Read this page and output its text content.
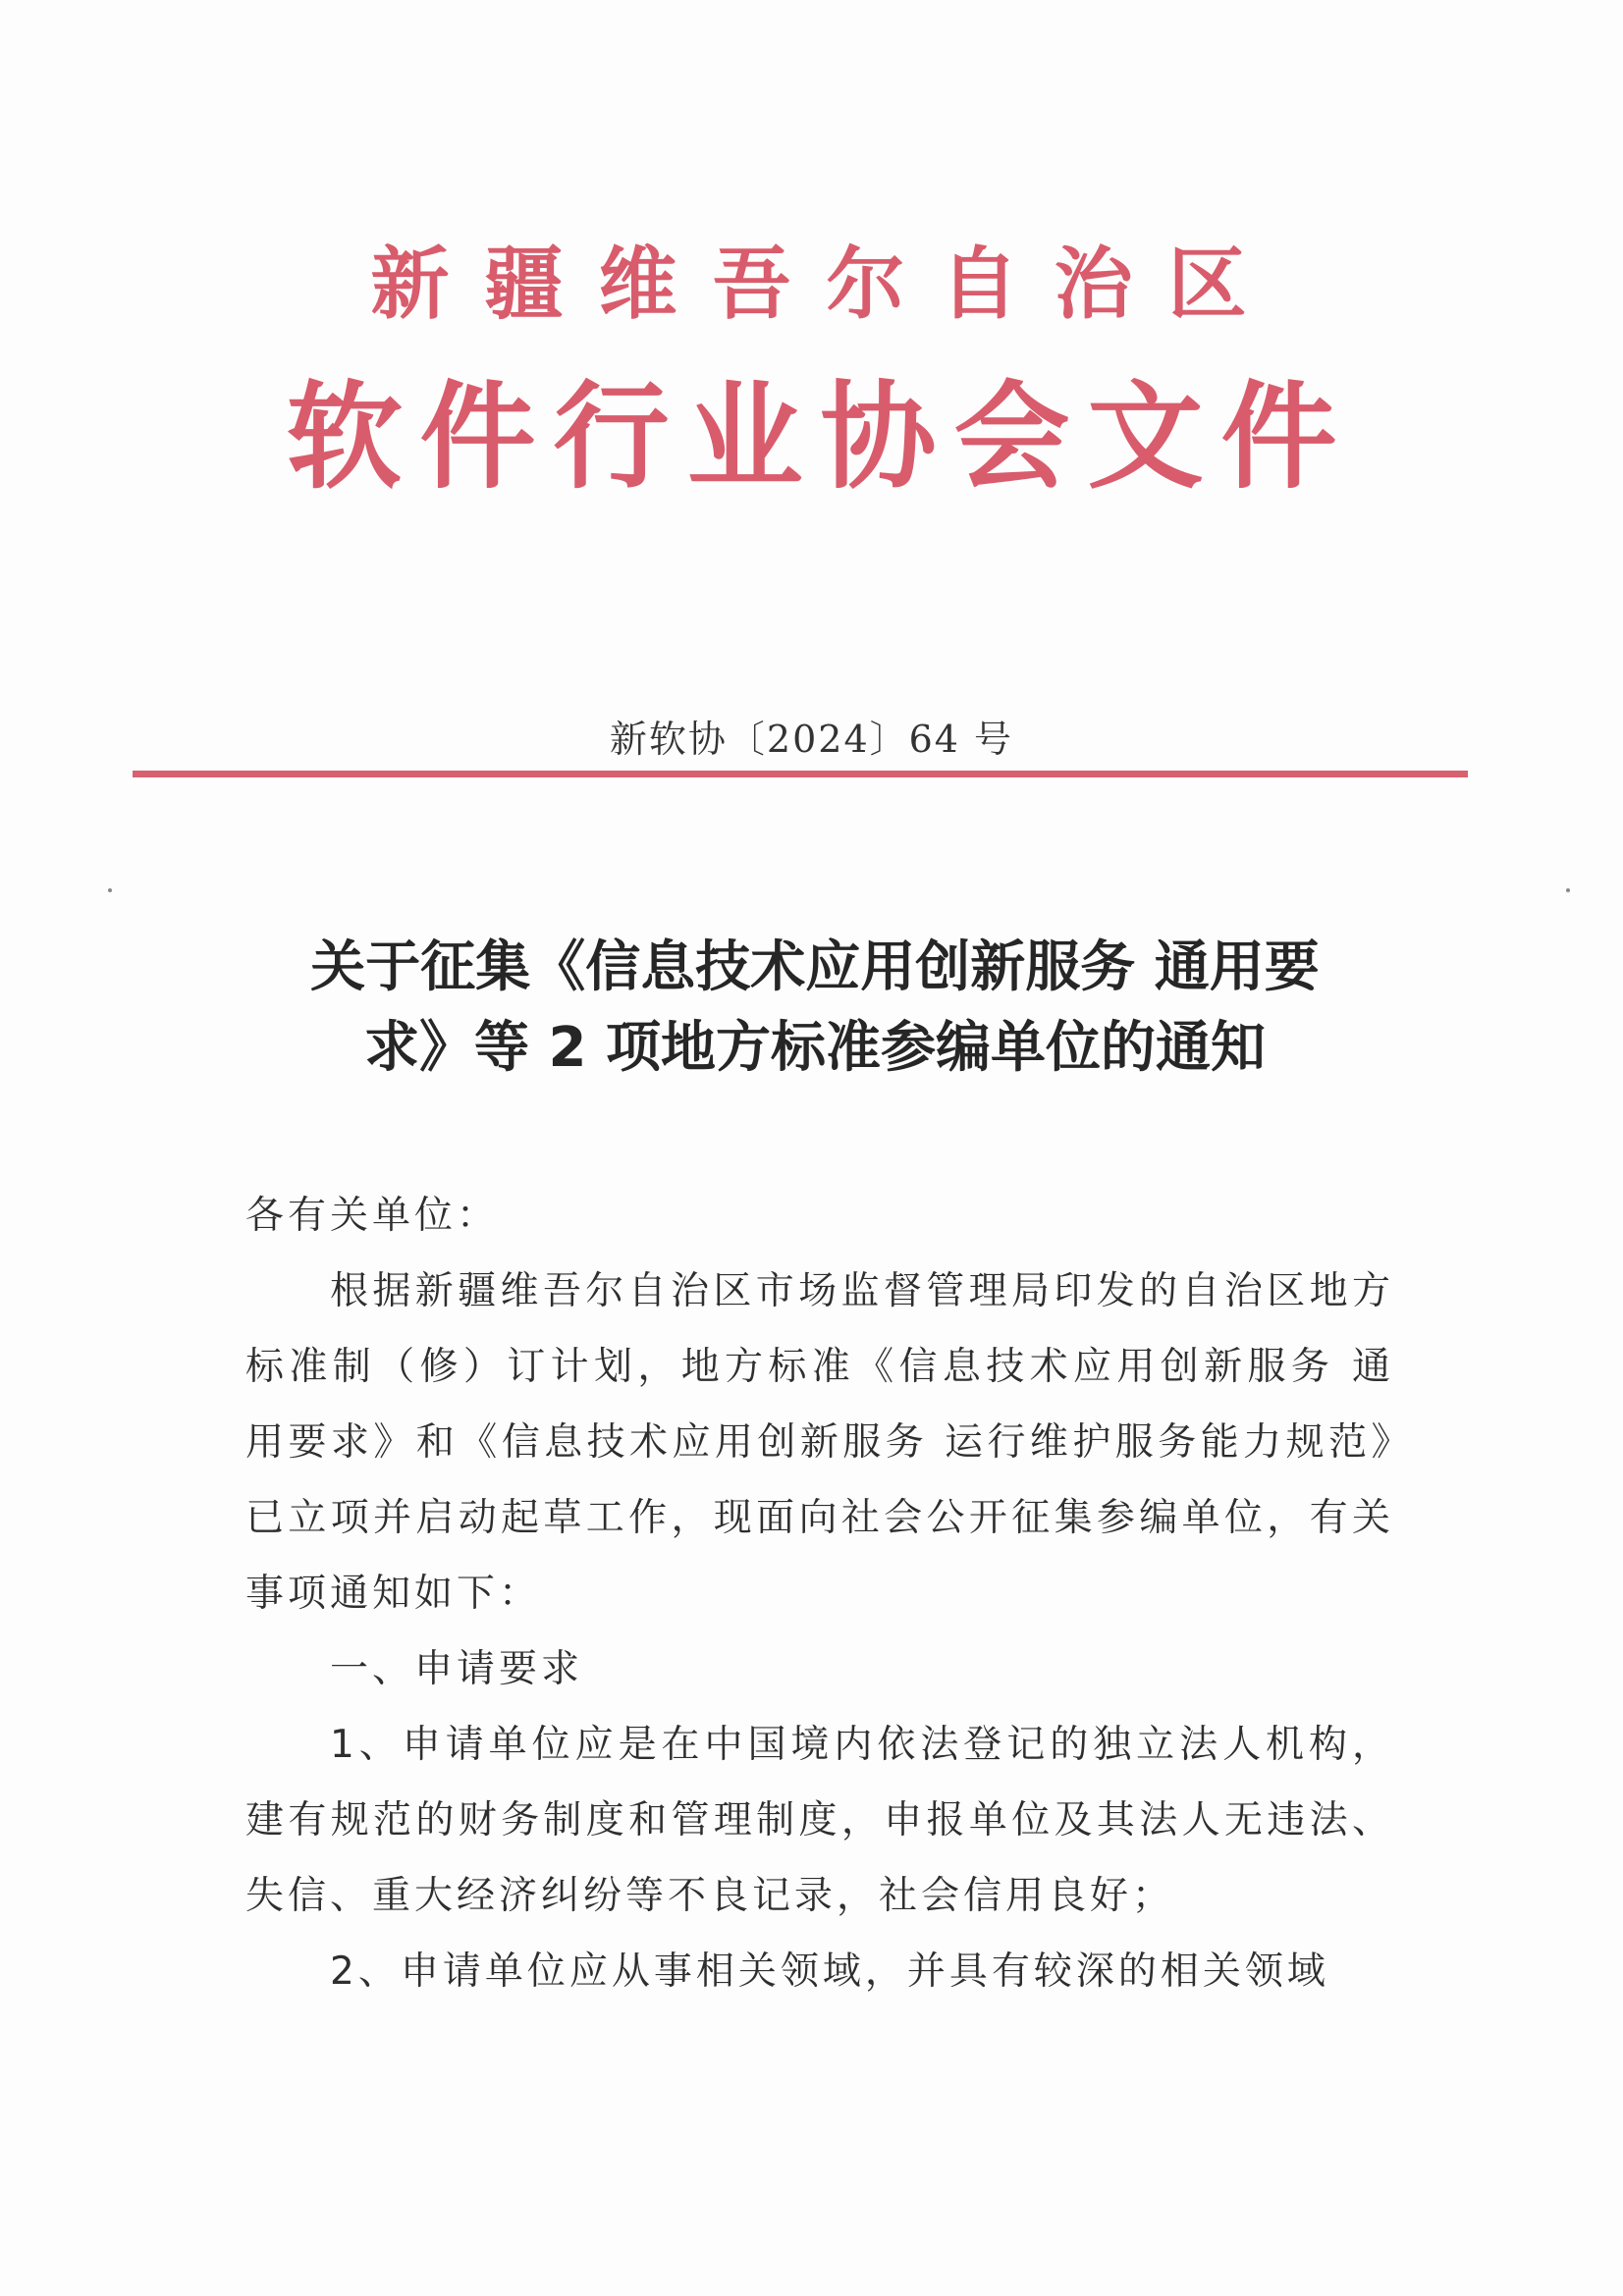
新疆维吾尔自治区
软件行业协会文件
新软协〔2024〕64 号
关于征集《信息技术应用创新服务 通用要
求》等 2 项地方标准参编单位的通知

各有关单位：

根据新疆维吾尔自治区市场监督管理局印发的自治区地方标准制（修）订计划，地方标准《信息技术应用创新服务 通用要求》和《信息技术应用创新服务 运行维护服务能力规范》已立项并启动起草工作，现面向社会公开征集参编单位，有关事项通知如下：

一、申请要求

1、申请单位应是在中国境内依法登记的独立法人机构，建有规范的财务制度和管理制度，申报单位及其法人无违法、失信、重大经济纠纷等不良记录，社会信用良好；

2、申请单位应从事相关领域，并具有较深的相关领域
